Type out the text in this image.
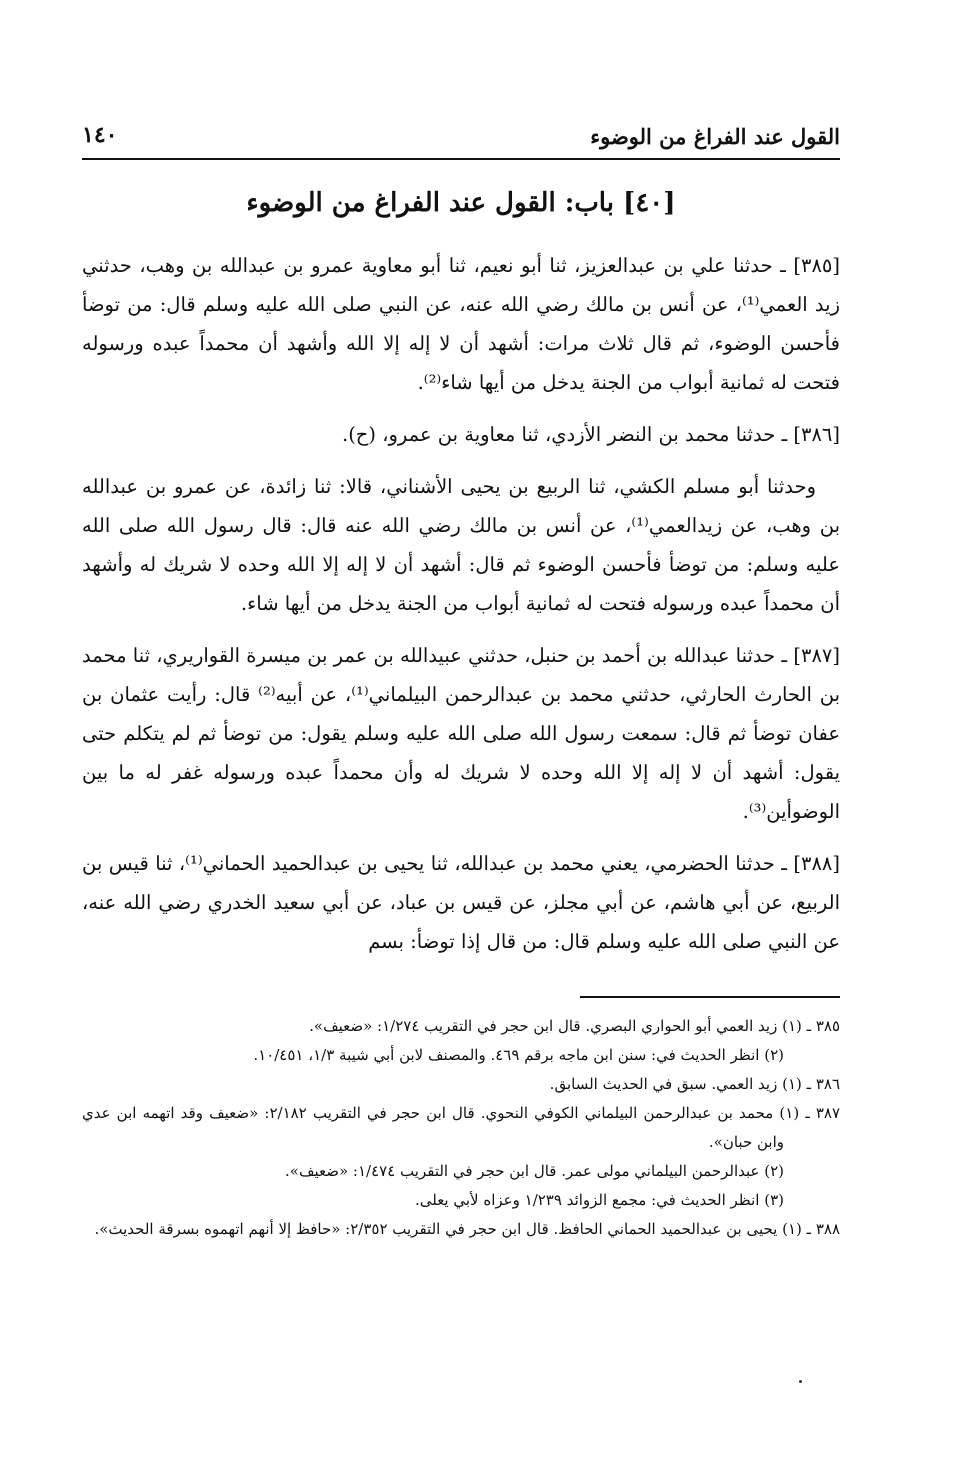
القول عند الفراغ من الوضوء
١٤٠
[٤٠] باب: القول عند الفراغ من الوضوء

[٣٨٥] ـ حدثنا علي بن عبدالعزيز، ثنا أبو نعيم، ثنا أبو معاوية عمرو بن عبدالله بن وهب، حدثني زيد العمي⁽¹⁾، عن أنس بن مالك رضي الله عنه، عن النبي صلى الله عليه وسلم قال: من توضأ فأحسن الوضوء، ثم قال ثلاث مرات: أشهد أن لا إله إلا الله وأشهد أن محمداً عبده ورسوله فتحت له ثمانية أبواب من الجنة يدخل من أيها شاء⁽²⁾.

[٣٨٦] ـ حدثنا محمد بن النضر الأزدي، ثنا معاوية بن عمرو، (ح).

وحدثنا أبو مسلم الكشي، ثنا الربيع بن يحيى الأشناني، قالا: ثنا زائدة، عن عمرو بن عبدالله بن وهب، عن زيدالعمي⁽¹⁾، عن أنس بن مالك رضي الله عنه قال: قال رسول الله صلى الله عليه وسلم: من توضأ فأحسن الوضوء ثم قال: أشهد أن لا إله إلا الله وحده لا شريك له وأشهد أن محمداً عبده ورسوله فتحت له ثمانية أبواب من الجنة يدخل من أيها شاء.

[٣٨٧] ـ حدثنا عبدالله بن أحمد بن حنبل، حدثني عبيدالله بن عمر بن ميسرة القواريري، ثنا محمد بن الحارث الحارثي، حدثني محمد بن عبدالرحمن البيلماني⁽¹⁾، عن أبيه⁽²⁾ قال: رأيت عثمان بن عفان توضأ ثم قال: سمعت رسول الله صلى الله عليه وسلم يقول: من توضأ ثم لم يتكلم حتى يقول: أشهد أن لا إله إلا الله وحده لا شريك له وأن محمداً عبده ورسوله غفر له ما بين الوضوأين⁽³⁾.

[٣٨٨] ـ حدثنا الحضرمي، يعني محمد بن عبدالله، ثنا يحيى بن عبدالحميد الحماني⁽¹⁾، ثنا قيس بن الربيع، عن أبي هاشم، عن أبي مجلز، عن قيس بن عباد، عن أبي سعيد الخدري رضي الله عنه، عن النبي صلى الله عليه وسلم قال: من قال إذا توضأ: بسم

٣٨٥ ـ (١) زيد العمي أبو الحواري البصري. قال ابن حجر في التقريب ١/٢٧٤: «ضعيف».

(٢) انظر الحديث في: سنن ابن ماجه برقم ٤٦٩. والمصنف لابن أبي شيبة ١/٣، ١٠/٤٥١.

٣٨٦ ـ (١) زيد العمي. سبق في الحديث السابق.

٣٨٧ ـ (١) محمد بن عبدالرحمن البيلماني الكوفي النحوي. قال ابن حجر في التقريب ٢/١٨٢: «ضعيف وقد اتهمه ابن عدي وابن حبان».

(٢) عبدالرحمن البيلماني مولى عمر. قال ابن حجر في التقريب ١/٤٧٤: «ضعيف».

(٣) انظر الحديث في: مجمع الزوائد ١/٢٣٩ وعزاه لأبي يعلى.

٣٨٨ ـ (١) يحيى بن عبدالحميد الحماني الحافظ. قال ابن حجر في التقريب ٢/٣٥٢: «حافظ إلا أنهم اتهموه بسرقة الحديث».
